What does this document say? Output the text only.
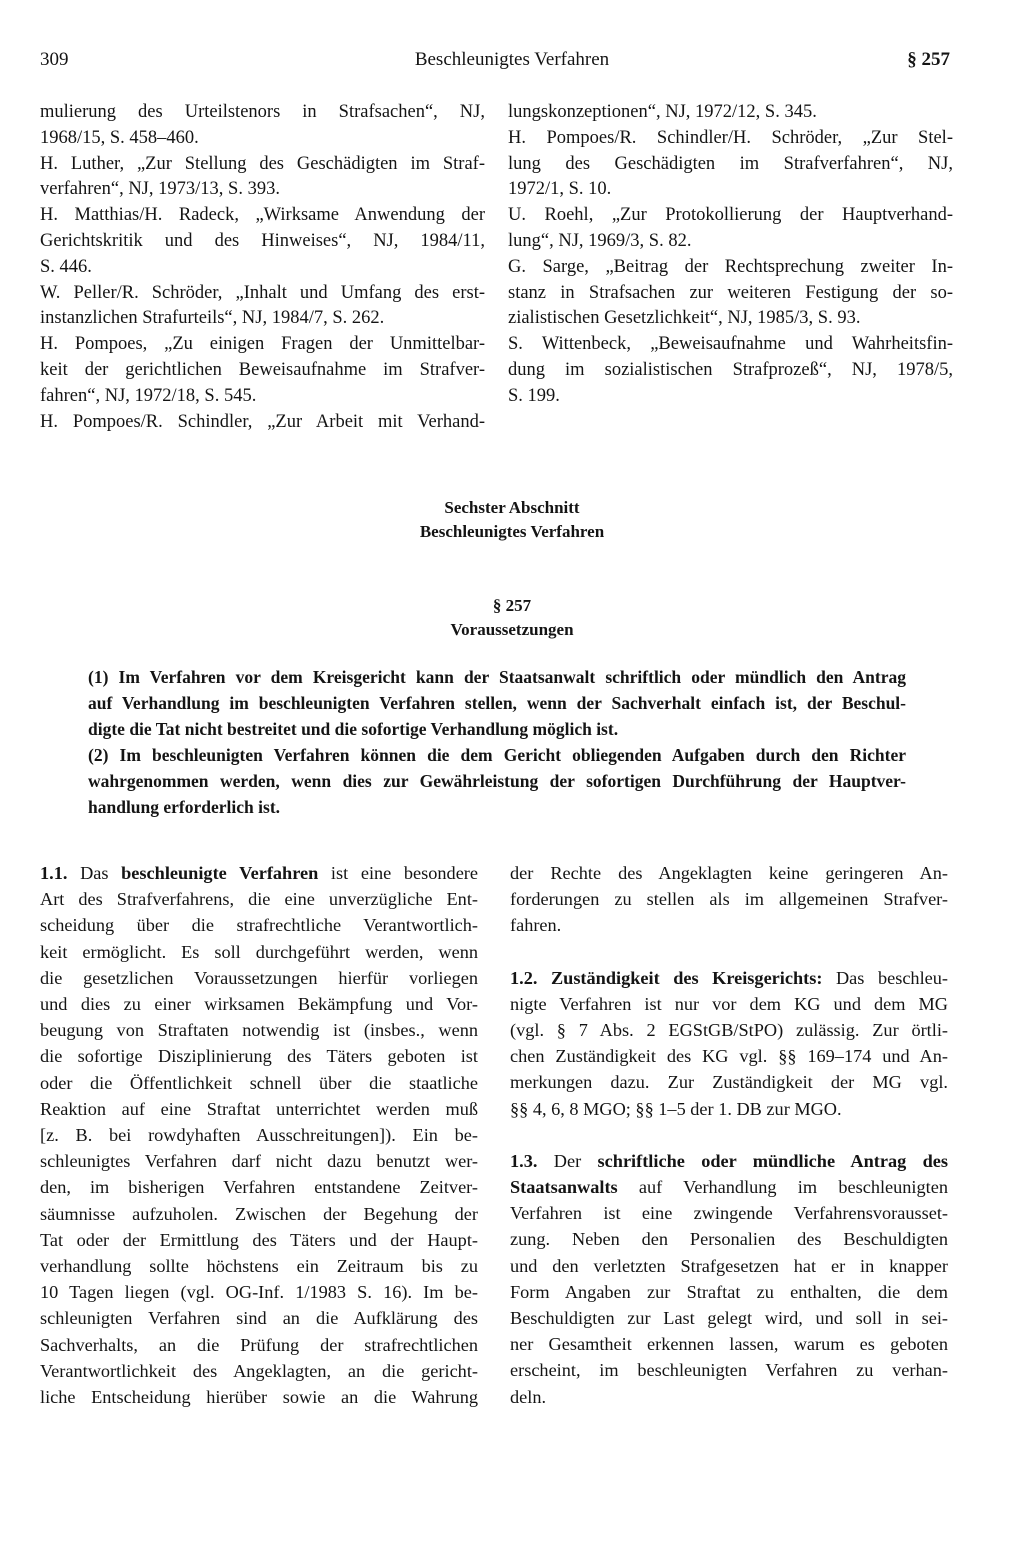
309	Beschleunigtes Verfahren	§ 257
mulierung des Urteilstenors in Strafsachen“, NJ,
1968/15, S. 458–460.
H. Luther, „Zur Stellung des Geschädigten im Straf-
verfahren“, NJ, 1973/13, S. 393.
H. Matthias/H. Radeck, „Wirksame Anwendung der
Gerichtskritik und des Hinweises“, NJ, 1984/11,
S. 446.
W. Peller/R. Schröder, „Inhalt und Umfang des erst-
instanzlichen Strafurteils“, NJ, 1984/7, S. 262.
H. Pompoes, „Zu einigen Fragen der Unmittelbar-
keit der gerichtlichen Beweisaufnahme im Strafver-
fahren“, NJ, 1972/18, S. 545.
H. Pompoes/R. Schindler, „Zur Arbeit mit Verhand-
lungskonzeptionen“, NJ, 1972/12, S. 345.
H. Pompoes/R. Schindler/H. Schröder, „Zur Stel-
lung des Geschädigten im Strafverfahren“, NJ,
1972/1, S. 10.
U. Roehl, „Zur Protokollierung der Hauptverhand-
lung“, NJ, 1969/3, S. 82.
G. Sarge, „Beitrag der Rechtsprechung zweiter In-
stanz in Strafsachen zur weiteren Festigung der so-
zialistischen Gesetzlichkeit“, NJ, 1985/3, S. 93.
S. Wittenbeck, „Beweisaufnahme und Wahrheitsfin-
dung im sozialistischen Strafprozeß“, NJ, 1978/5,
S. 199.
Sechster Abschnitt
Beschleunigtes Verfahren
§ 257
Voraussetzungen
(1) Im Verfahren vor dem Kreisgericht kann der Staatsanwalt schriftlich oder mündlich den Antrag
auf Verhandlung im beschleunigten Verfahren stellen, wenn der Sachverhalt einfach ist, der Beschul-
digte die Tat nicht bestreitet und die sofortige Verhandlung möglich ist.
(2) Im beschleunigten Verfahren können die dem Gericht obliegenden Aufgaben durch den Richter
wahrgenommen werden, wenn dies zur Gewährleistung der sofortigen Durchführung der Hauptver-
handlung erforderlich ist.
1.1. Das beschleunigte Verfahren ist eine besondere
Art des Strafverfahrens, die eine unverzügliche Ent-
scheidung über die strafrechtliche Verantwortlich-
keit ermöglicht. Es soll durchgeführt werden, wenn
die gesetzlichen Voraussetzungen hierfür vorliegen
und dies zu einer wirksamen Bekämpfung und Vor-
beugung von Straftaten notwendig ist (insbes., wenn
die sofortige Disziplinierung des Täters geboten ist
oder die Öffentlichkeit schnell über die staatliche
Reaktion auf eine Straftat unterrichtet werden muß
[z. B. bei rowdyhaften Ausschreitungen]). Ein be-
schleunigtes Verfahren darf nicht dazu benutzt wer-
den, im bisherigen Verfahren entstandene Zeitver-
säumnisse aufzuholen. Zwischen der Begehung der
Tat oder der Ermittlung des Täters und der Haupt-
verhandlung sollte höchstens ein Zeitraum bis zu
10 Tagen liegen (vgl. OG-Inf. 1/1983 S. 16). Im be-
schleunigten Verfahren sind an die Aufklärung des
Sachverhalts, an die Prüfung der strafrechtlichen
Verantwortlichkeit des Angeklagten, an die gericht-
liche Entscheidung hierüber sowie an die Wahrung
der Rechte des Angeklagten keine geringeren An-
forderungen zu stellen als im allgemeinen Strafver-
fahren.
1.2. Zuständigkeit des Kreisgerichts: Das beschleu-
nigte Verfahren ist nur vor dem KG und dem MG
(vgl. § 7 Abs. 2 EGStGB/StPO) zulässig. Zur örtli-
chen Zuständigkeit des KG vgl. §§ 169–174 und An-
merkungen dazu. Zur Zuständigkeit der MG vgl.
§§ 4, 6, 8 MGO; §§ 1–5 der 1. DB zur MGO.
1.3. Der schriftliche oder mündliche Antrag des
Staatsanwalts auf Verhandlung im beschleunigten
Verfahren ist eine zwingende Verfahrensvorausset-
zung. Neben den Personalien des Beschuldigten
und den verletzten Strafgesetzen hat er in knapper
Form Angaben zur Straftat zu enthalten, die dem
Beschuldigten zur Last gelegt wird, und soll in sei-
ner Gesamtheit erkennen lassen, warum es geboten
erscheint, im beschleunigten Verfahren zu verhan-
deln.
